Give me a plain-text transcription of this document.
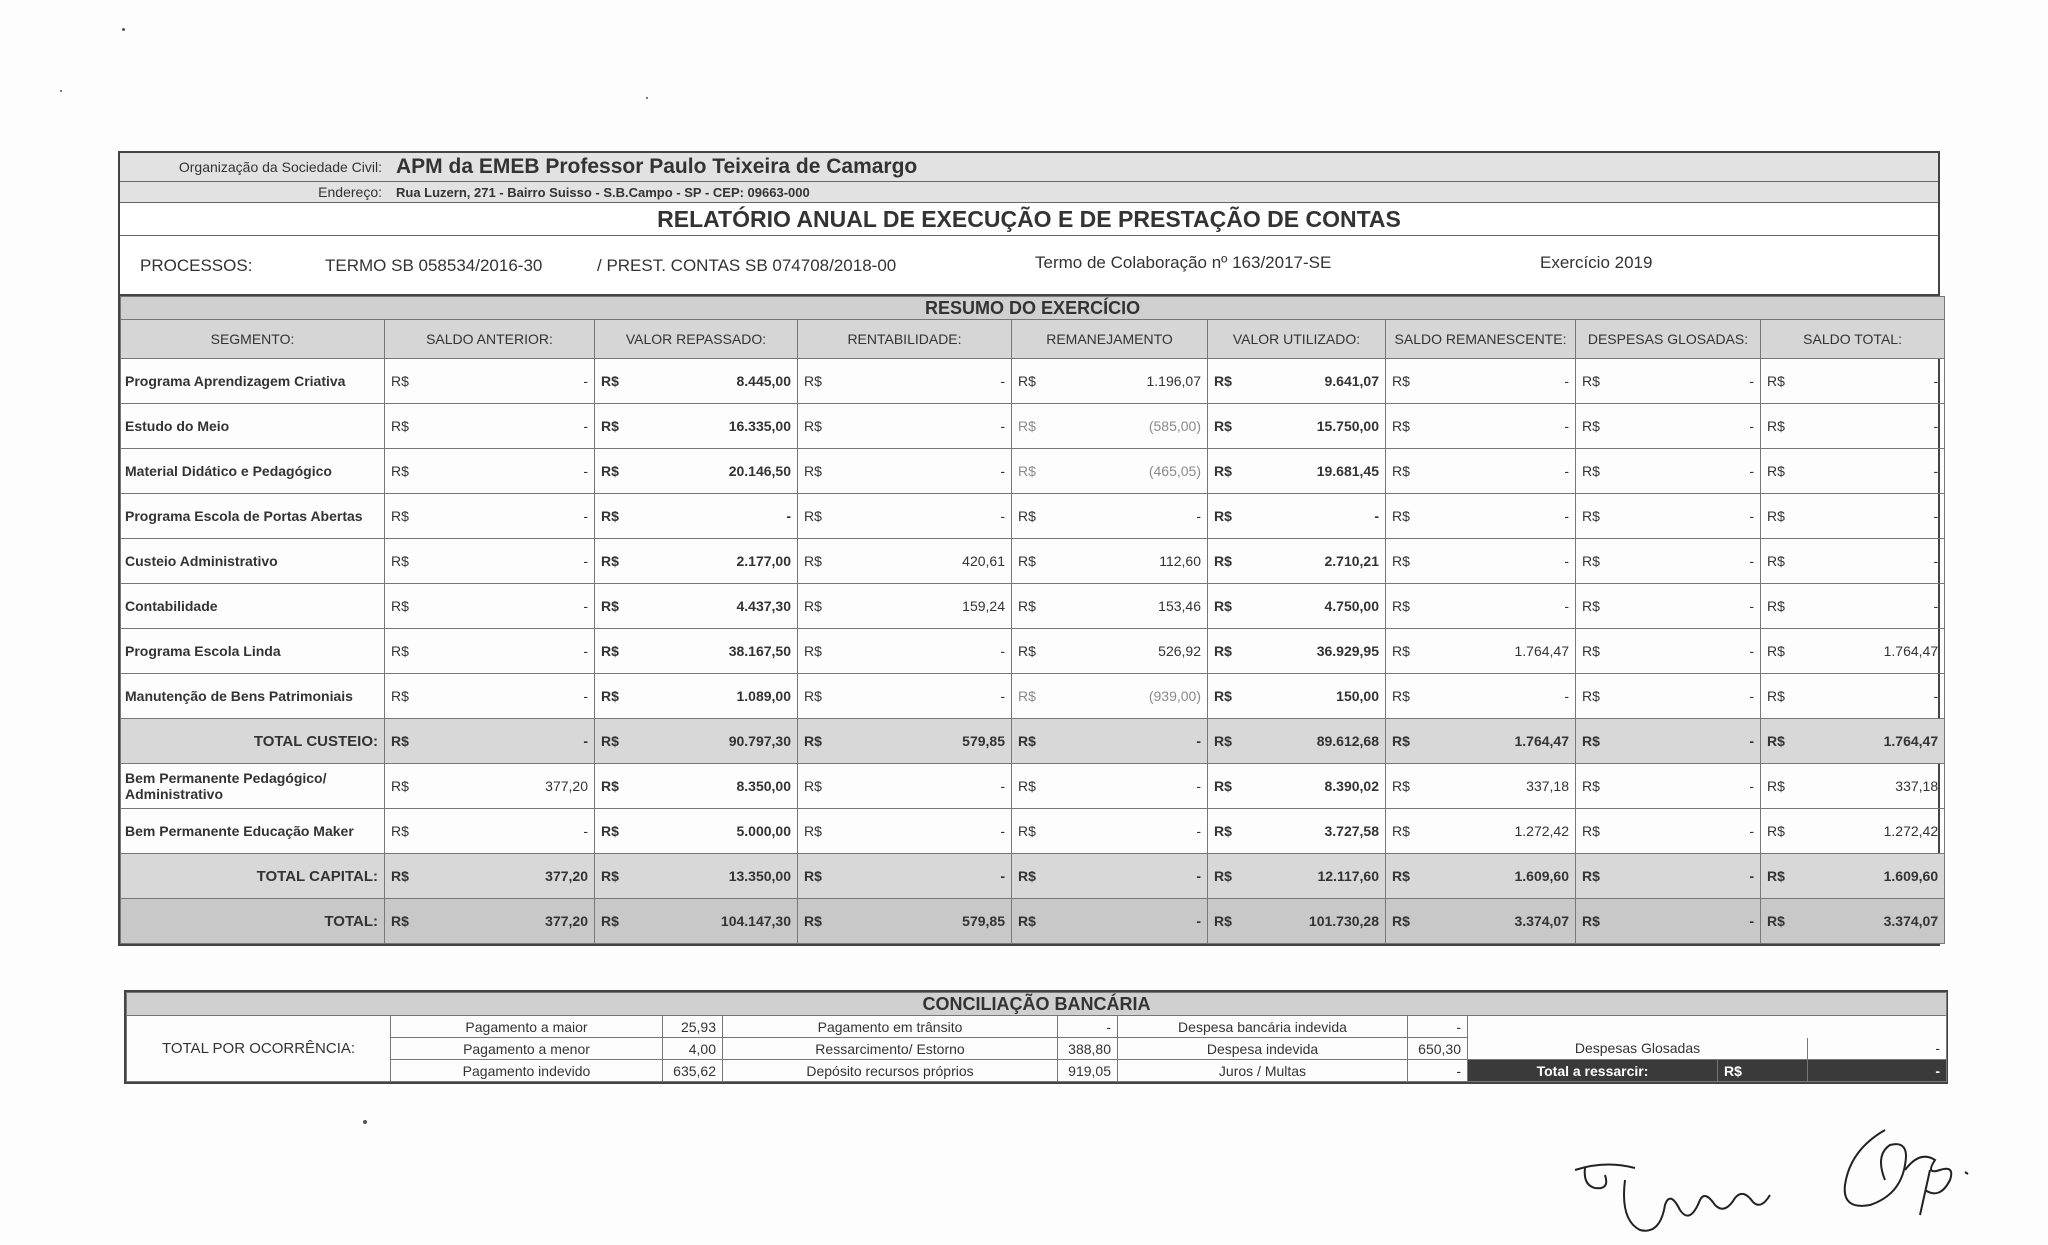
Organização da Sociedade Civil: APM da EMEB Professor Paulo Teixeira de Camargo
Endereço:	Rua Luzern, 271 - Bairro Suisso - S.B.Campo - SP - CEP: 09663-000
RELATÓRIO ANUAL DE EXECUÇÃO E DE PRESTAÇÃO DE CONTAS
PROCESSOS:	TERMO SB 058534/2016-30	/ PREST. CONTAS SB 074708/2018-00	Termo de Colaboração nº 163/2017-SE	Exercício 2019
RESUMO DO EXERCÍCIO																
SEGMENTO:	SALDO ANTERIOR:		VALOR REPASSADO:		RENTABILIDADE:		REMANEJAMENTO		VALOR UTILIZADO:		SALDO REMANESCENTE:		DESPESAS GLOSADAS:		SALDO TOTAL:	
Programa Aprendizagem Criativa	R$	-	R$	8.445,00	R$	-	R$	1.196,07	R$	9.641,07	R$	-	R$	-	R$	-
Estudo do Meio	R$	-	R$	16.335,00	R$	-	R$	(585,00)	R$	15.750,00	R$	-	R$	-	R$	-
Material Didático e Pedagógico	R$	-	R$	20.146,50	R$	-	R$	(465,05)	R$	19.681,45	R$	-	R$	-	R$	-
Programa Escola de Portas Abertas	R$	-	R$	-	R$	-	R$	-	R$	-	R$	-	R$	-	R$	-
Custeio Administrativo	R$	-	R$	2.177,00	R$	420,61	R$	112,60	R$	2.710,21	R$	-	R$	-	R$	-
Contabilidade	R$	-	R$	4.437,30	R$	159,24	R$	153,46	R$	4.750,00	R$	-	R$	-	R$	-
Programa Escola Linda	R$	-	R$	38.167,50	R$	-	R$	526,92	R$	36.929,95	R$	1.764,47	R$	-	R$	1.764,47
Manutenção de Bens Patrimoniais	R$	-	R$	1.089,00	R$	-	R$	(939,00)	R$	150,00	R$	-	R$	-	R$	-
TOTAL CUSTEIO:	R$	-	R$	90.797,30	R$	579,85	R$	-	R$	89.612,68	R$	1.764,47	R$	-	R$	1.764,47
Bem Permanente Pedagógico/ Administrativo	R$	377,20	R$	8.350,00	R$	-	R$	-	R$	8.390,02	R$	337,18	R$	-	R$	337,18
Bem Permanente Educação Maker	R$	-	R$	5.000,00	R$	-	R$	-	R$	3.727,58	R$	1.272,42	R$	-	R$	1.272,42
TOTAL CAPITAL:	R$	377,20	R$	13.350,00	R$	-	R$	-	R$	12.117,60	R$	1.609,60	R$	-	R$	1.609,60
TOTAL:	R$	377,20	R$	104.147,30	R$	579,85	R$	-	R$	101.730,28	R$	3.374,07	R$	-	R$	3.374,07
CONCILIAÇÃO BANCÁRIA									
TOTAL POR OCORRÊNCIA:	Pagamento a maior	25,93	Pagamento em trânsito	-	Despesa bancária indevida	-			
	Pagamento a menor	4,00	Ressarcimento/ Estorno	388,80	Despesa indevida	650,30	Despesas Glosadas		-
	Pagamento indevido	635,62	Depósito recursos próprios	919,05	Juros / Multas	-	Total a ressarcir:	R$	-
